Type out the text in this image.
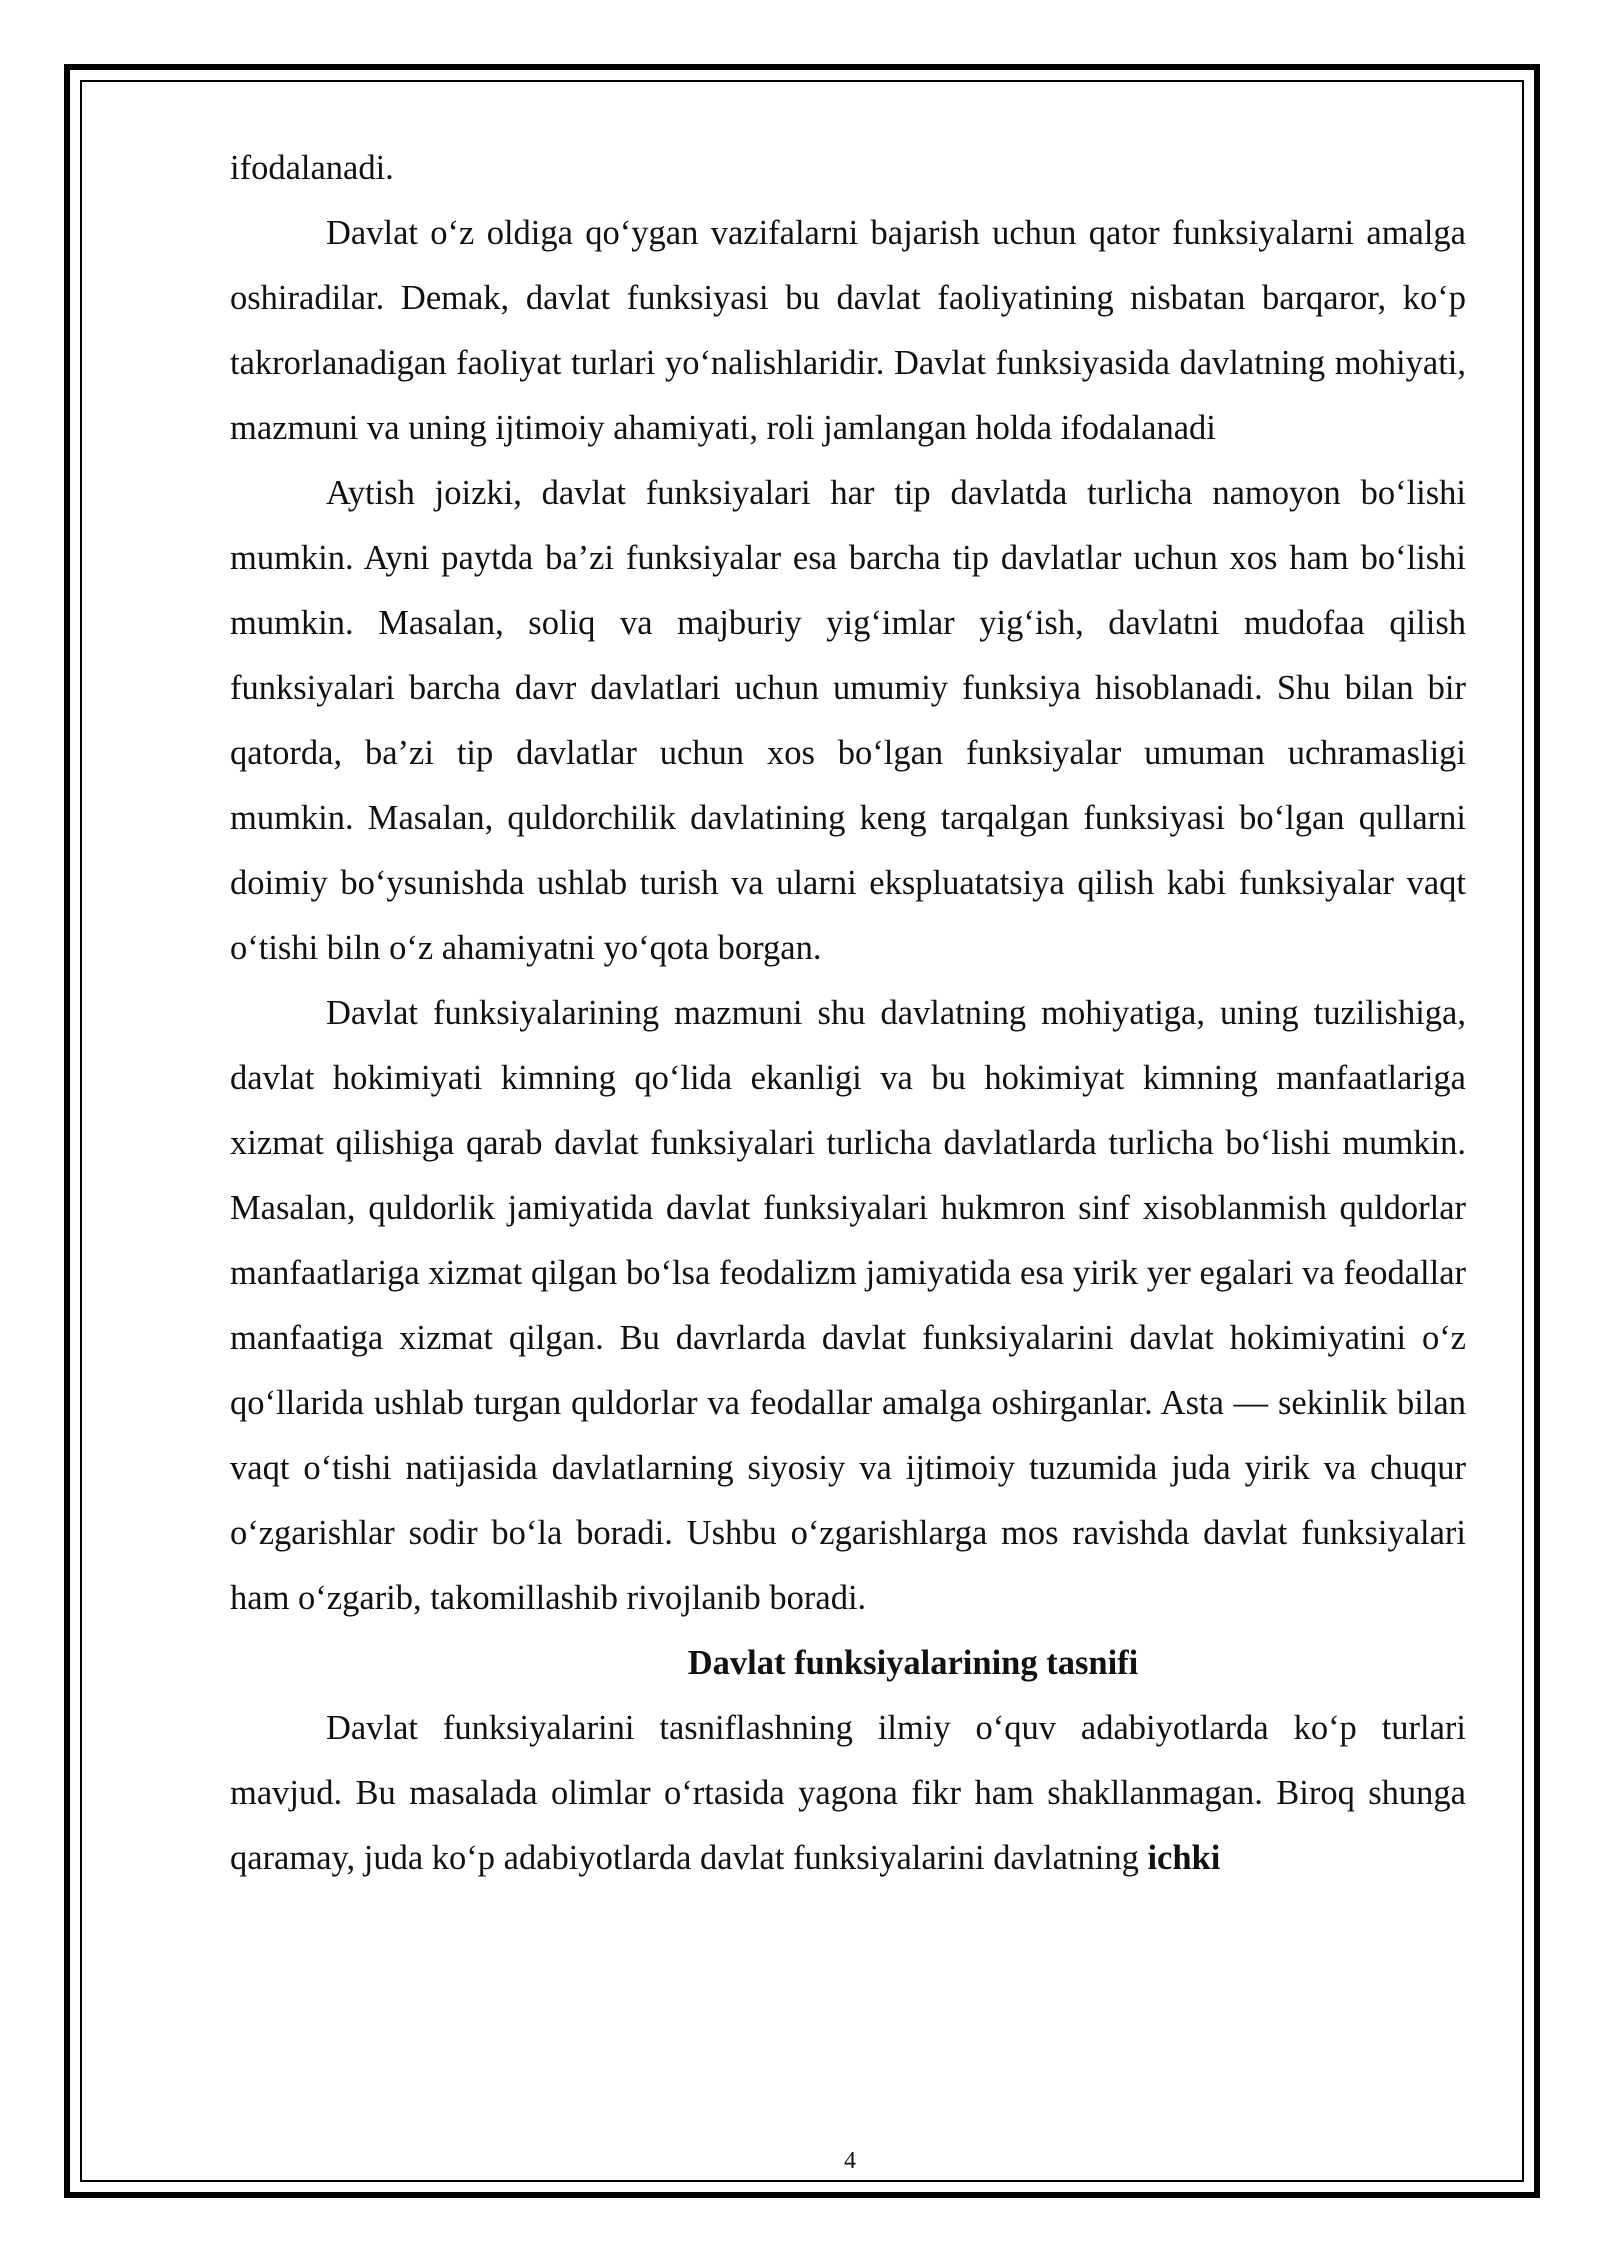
ifodalanadi.

Davlat o‘z oldiga qo‘ygan vazifalarni bajarish uchun qator funksiyalarni amalga oshiradilar. Demak, davlat funksiyasi bu davlat faoliyatining nisbatan barqaror, ko‘p takrorlanadigan faoliyat turlari yo‘nalishlaridir. Davlat funksiyasida davlatning mohiyati, mazmuni va uning ijtimoiy ahamiyati, roli jamlangan holda ifodalanadi

Aytish joizki, davlat funksiyalari har tip davlatda turlicha namoyon bo‘lishi mumkin. Ayni paytda ba’zi funksiyalar esa barcha tip davlatlar uchun xos ham bo‘lishi mumkin. Masalan, soliq va majburiy yig‘imlar yig‘ish, davlatni mudofaa qilish funksiyalari barcha davr davlatlari uchun umumiy funksiya hisoblanadi. Shu bilan bir qatorda, ba’zi tip davlatlar uchun xos bo‘lgan funksiyalar umuman uchramasligi mumkin. Masalan, quldorchilik davlatining keng tarqalgan funksiyasi bo‘lgan qullarni doimiy bo‘ysunishda ushlab turish va ularni ekspluatatsiya qilish kabi funksiyalar vaqt o‘tishi biln o‘z ahamiyatni yo‘qota borgan.

Davlat funksiyalarining mazmuni shu davlatning mohiyatiga, uning tuzilishiga, davlat hokimiyati kimning qo‘lida ekanligi va bu hokimiyat kimning manfaatlariga xizmat qilishiga qarab davlat funksiyalari turlicha davlatlarda turlicha bo‘lishi mumkin. Masalan, quldorlik jamiyatida davlat funksiyalari hukmron sinf xisoblanmish quldorlar manfaatlariga xizmat qilgan bo‘lsa feodalizm jamiyatida esa yirik yer egalari va feodallar manfaatiga xizmat qilgan. Bu davrlarda davlat funksiyalarini davlat hokimiyatini o‘z qo‘llarida ushlab turgan quldorlar va feodallar amalga oshirganlar. Asta — sekinlik bilan vaqt o‘tishi natijasida davlatlarning siyosiy va ijtimoiy tuzumida juda yirik va chuqur o‘zgarishlar sodir bo‘la boradi. Ushbu o‘zgarishlarga mos ravishda davlat funksiyalari ham o‘zgarib, takomillashib rivojlanib boradi.

Davlat funksiyalarining tasnifi

Davlat funksiyalarini tasniflashning ilmiy o‘quv adabiyotlarda ko‘p turlari mavjud. Bu masalada olimlar o‘rtasida yagona fikr ham shakllanmagan. Biroq shunga qaramay, juda ko‘p adabiyotlarda davlat funksiyalarini davlatning ichki

4
